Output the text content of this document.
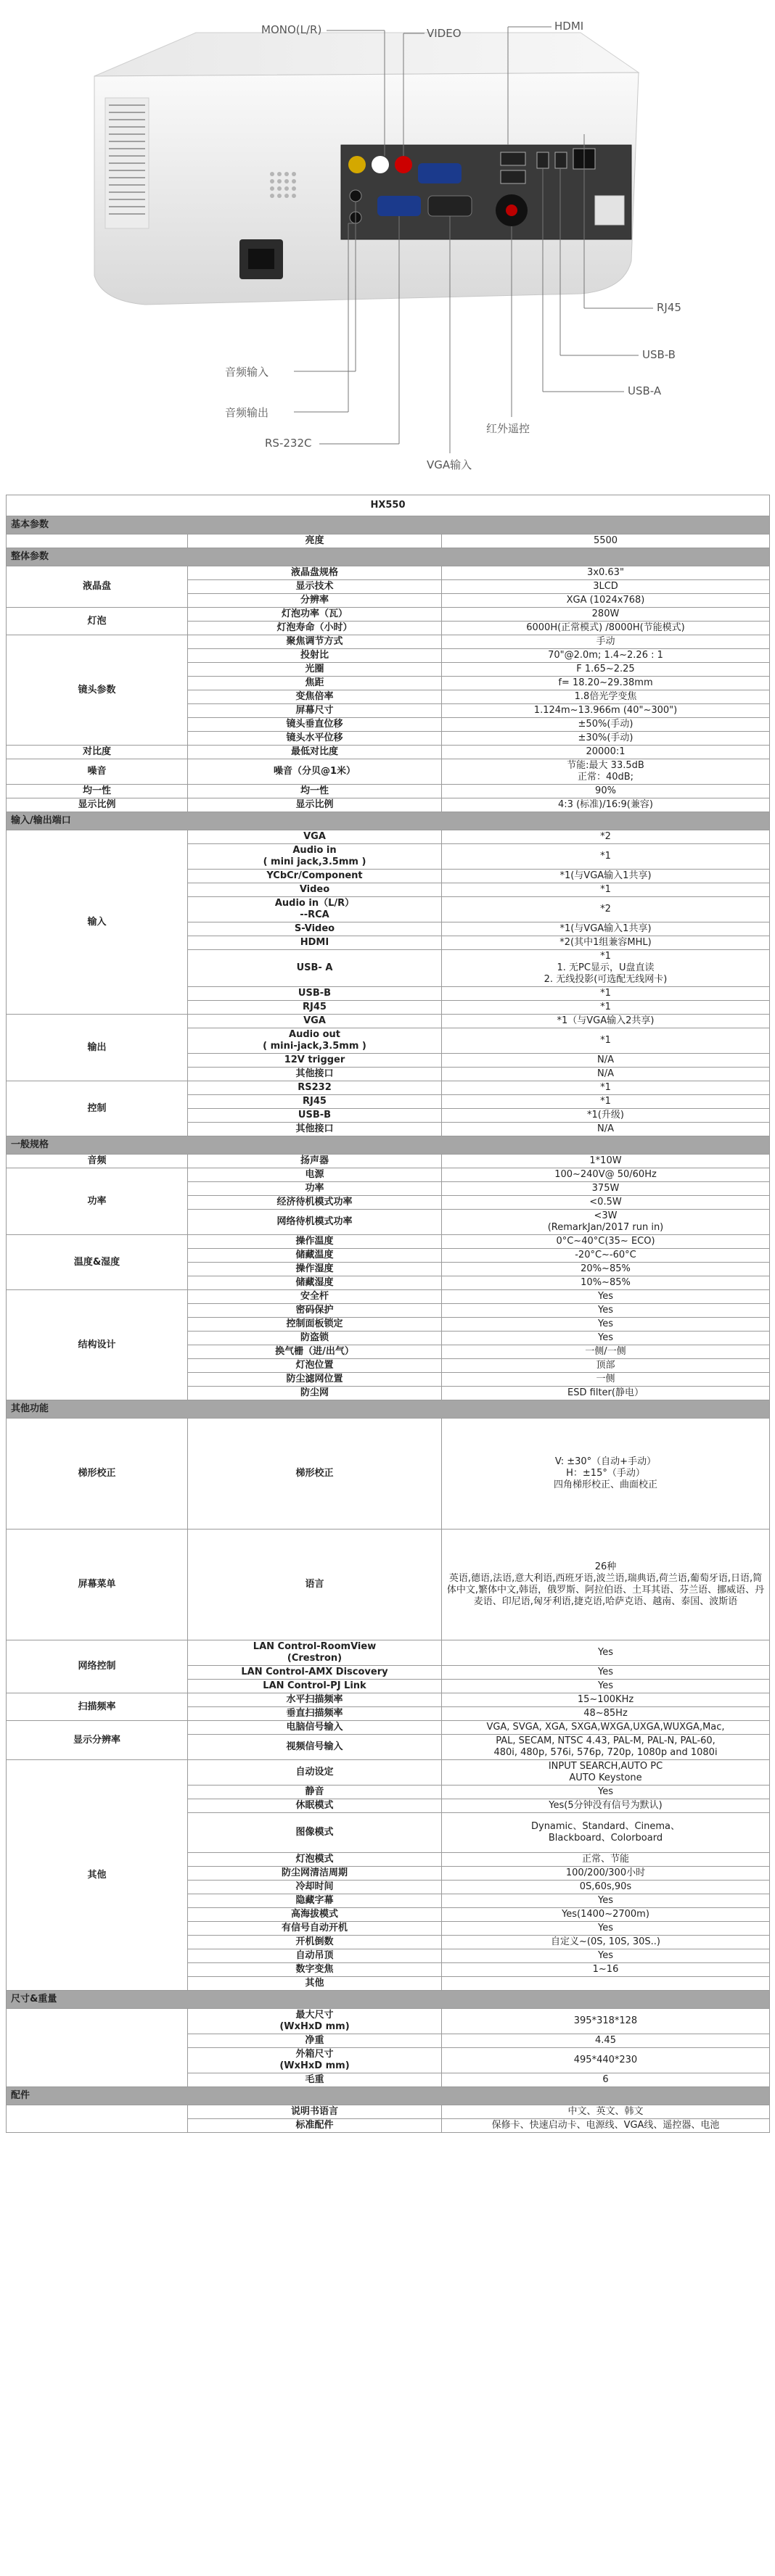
MONO(L/R)	VIDEO
HDMI
RJ45
USB-B
USB-A
音频输入
音频输出
RS-232C
红外遥控
VGA输入
HX550		
基本参数		
	亮度	5500
整体参数		
液晶盘	液晶盘规格	3x0.63"
	显示技术	3LCD
	分辨率	XGA (1024x768)
灯泡	灯泡功率（瓦）	280W
	灯泡寿命（小时）	6000H(正常模式) /8000H(节能模式)
镜头参数	聚焦调节方式	手动
	投射比	70"@2.0m; 1.4~2.26 : 1
	光圈	F 1.65~2.25
	焦距	f= 18.20~29.38mm
	变焦倍率	1.8倍光学变焦
	屏幕尺寸	1.124m~13.966m (40"~300")
	镜头垂直位移	±50%(手动)
	镜头水平位移	±30%(手动)
对比度	最低对比度	20000:1
噪音	噪音（分贝@1米）	节能:最大 33.5dB
正常：40dB;
均一性	均一性	90%
显示比例	显示比例	4:3 (标准)/16:9(兼容)
输入/输出端口		
输入	VGA	*2
	Audio in
( mini jack,3.5mm )	*1
	YCbCr/Component	*1(与VGA输入1共享)
	Video	*1
	Audio in（L/R）
--RCA	*2
	S-Video	*1(与VGA输入1共享)
	HDMI	*2(其中1组兼容MHL)
	USB- A	*1
1. 无PC显示，U盘直读
2. 无线投影(可选配无线网卡)
	USB-B	*1
	RJ45	*1
输出	VGA	*1（与VGA输入2共享)
	Audio out
( mini-jack,3.5mm )	*1
	12V trigger	N/A
	其他接口	N/A
控制	RS232	*1
	RJ45	*1
	USB-B	*1(升级)
	其他接口	N/A
一般规格		
音频	扬声器	1*10W
功率	电源	100~240V@ 50/60Hz
	功率	375W
	经济待机模式功率	<0.5W
	网络待机模式功率	<3W
(RemarkJan/2017 run in)
温度&湿度	操作温度	0°C~40°C(35~ ECO)
	储藏温度	-20°C~-60°C
	操作湿度	20%~85%
	储藏湿度	10%~85%
结构设计	安全杆	Yes
	密码保护	Yes
	控制面板锁定	Yes
	防盗锁	Yes
	换气栅（进/出气）	一侧/一侧
	灯泡位置	顶部
	防尘滤网位置	一侧
	防尘网	ESD filter(静电）
其他功能		
梯形校正	梯形校正	V: ±30°（自动+手动）
H：±15°（手动）
四角梯形校正、曲面校正
屏幕菜单	语言	26种
英语,德语,法语,意大利语,西班牙语,波兰语,瑞典语,荷兰语,葡萄牙语,日语,简体中文,繁体中文,韩语，俄罗斯、阿拉伯语、土耳其语、芬兰语、挪威语、丹麦语、印尼语,匈牙利语,捷克语,哈萨克语、越南、泰国、波斯语
网络控制	LAN Control-RoomView
(Crestron)	Yes
	LAN Control-AMX Discovery	Yes
	LAN Control-PJ Link	Yes
扫描频率	水平扫描频率	15~100KHz
	垂直扫描频率	48~85Hz
显示分辨率	电脑信号输入	VGA, SVGA, XGA, SXGA,WXGA,UXGA,WUXGA,Mac,
	视频信号输入	PAL, SECAM, NTSC 4.43, PAL-M, PAL-N, PAL-60,
480i, 480p, 576i, 576p, 720p, 1080p and 1080i
其他	自动设定	INPUT SEARCH,AUTO PC
AUTO Keystone
	静音	Yes
	休眠模式	Yes(5分钟没有信号为默认)
	图像模式	Dynamic、Standard、Cinema、
Blackboard、Colorboard
	灯泡模式	正常、节能
	防尘网清洁周期	100/200/300小时
	冷却时间	0S,60s,90s
	隐藏字幕	Yes
	高海拔模式	Yes(1400~2700m)
	有信号自动开机	Yes
	开机倒数	自定义~(0S, 10S, 30S..)
	自动吊顶	Yes
	数字变焦	1~16
	其他	
尺寸&重量		
	最大尺寸
(WxHxD mm)	395*318*128
	净重	4.45
	外箱尺寸
(WxHxD mm)	495*440*230
	毛重	6
配件		
	说明书语言	中文、英文、韩文
	标准配件	保修卡、快速启动卡、电源线、VGA线、遥控器、电池
